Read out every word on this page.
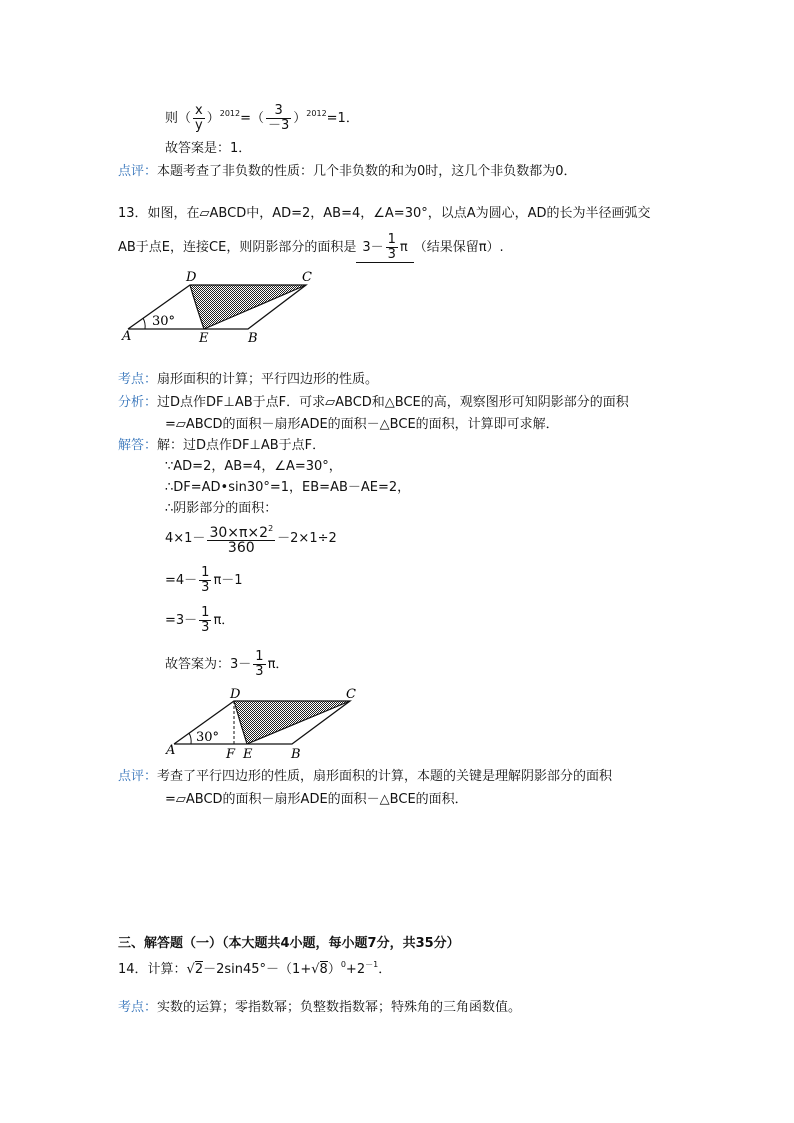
则（ $\frac{x}{y} )^{2012}=( \frac{3}{-3} )^{2012}=1$．
故答案是：1．
点评：本题考查了非负数的性质：几个非负数的和为0时，这几个非负数都为0．
13．如图，在▱ABCD中，AD=2，AB=4，∠A=30°，以点A为圆心，AD的长为半径画弧交
AB于点E，连接CE，则阴影部分的面积是 $3- \frac{1}{3}$ π （结果保留π）.
A
D	C
E	B
30°
考点：扇形面积的计算；平行四边形的性质。
分析：过D点作DF⊥AB于点F．可求▱ABCD和△BCE的高，观察图形可知阴影部分的面积
=▱ABCD的面积－扇形ADE的面积－△BCE的面积，计算即可求解．
解答：解：过D点作DF⊥AB于点F．
∵AD=2，AB=4，∠A=30°，
∴DF=AD•sin30°=1，EB=AB－AE=2，
∴阴影部分的面积：
$4\times 1- \frac{30\times\pi\times 2^2}{360} -2\times 1\div 2$
$=4- \frac{1}{3} \pi-1$
$=3- \frac{1}{3}$ π．
故答案为：$3- \frac{1}{3}$ π．
A
D	C
F E	B
30°
点评：考查了平行四边形的性质，扇形面积的计算，本题的关键是理解阴影部分的面积
=▱ABCD的面积－扇形ADE的面积－△BCE的面积．
三、解答题（一）（本大题共4小题，每小题7分，共35分）
14．计算：$√2-2\sin 45^\circ-(1+√8)^0+2^{-1}$．
考点：实数的运算；零指数幂；负整数指数幂；特殊角的三角函数值。
